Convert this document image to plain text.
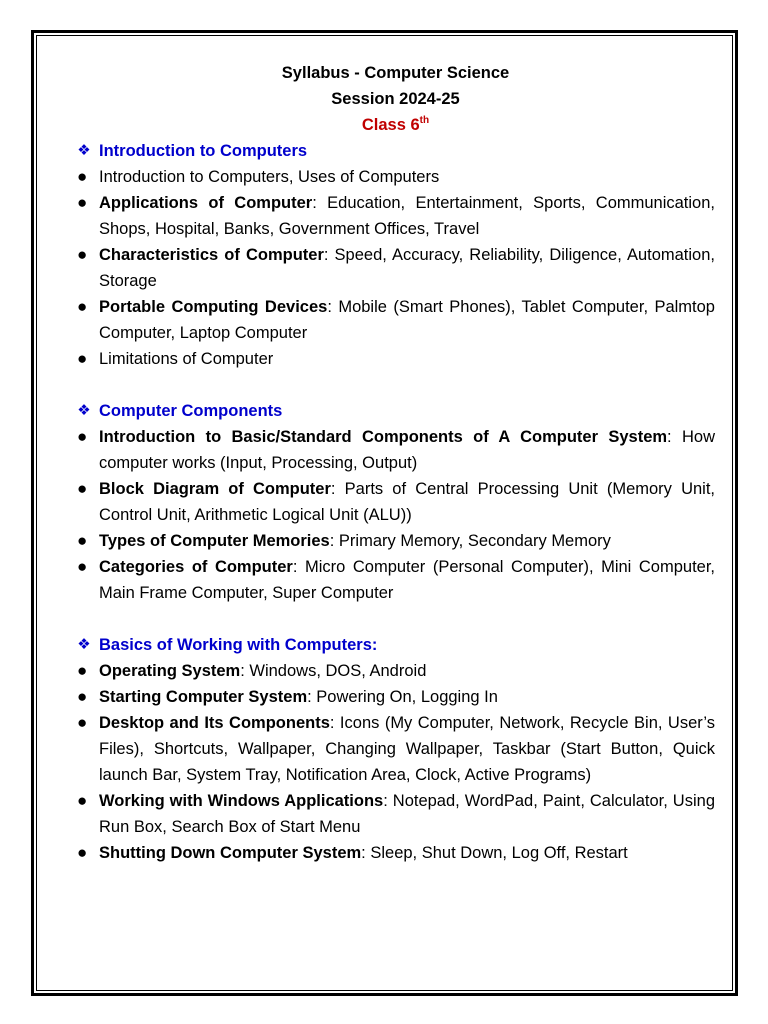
Syllabus - Computer Science
Session 2024-25
Class 6th
❖ Introduction to Computers
● Introduction to Computers, Uses of Computers
● Applications of Computer: Education, Entertainment, Sports, Communication, Shops, Hospital, Banks, Government Offices, Travel
● Characteristics of Computer: Speed, Accuracy, Reliability, Diligence, Automation, Storage
● Portable Computing Devices: Mobile (Smart Phones), Tablet Computer, Palmtop Computer, Laptop Computer
● Limitations of Computer
❖ Computer Components
● Introduction to Basic/Standard Components of A Computer System: How computer works (Input, Processing, Output)
● Block Diagram of Computer: Parts of Central Processing Unit (Memory Unit, Control Unit, Arithmetic Logical Unit (ALU))
● Types of Computer Memories: Primary Memory, Secondary Memory
● Categories of Computer: Micro Computer (Personal Computer), Mini Computer, Main Frame Computer, Super Computer
❖ Basics of Working with Computers:
● Operating System: Windows, DOS, Android
● Starting Computer System: Powering On, Logging In
● Desktop and Its Components: Icons (My Computer, Network, Recycle Bin, User’s Files), Shortcuts, Wallpaper, Changing Wallpaper, Taskbar (Start Button, Quick launch Bar, System Tray, Notification Area, Clock, Active Programs)
● Working with Windows Applications: Notepad, WordPad, Paint, Calculator, Using Run Box, Search Box of Start Menu
● Shutting Down Computer System: Sleep, Shut Down, Log Off, Restart
